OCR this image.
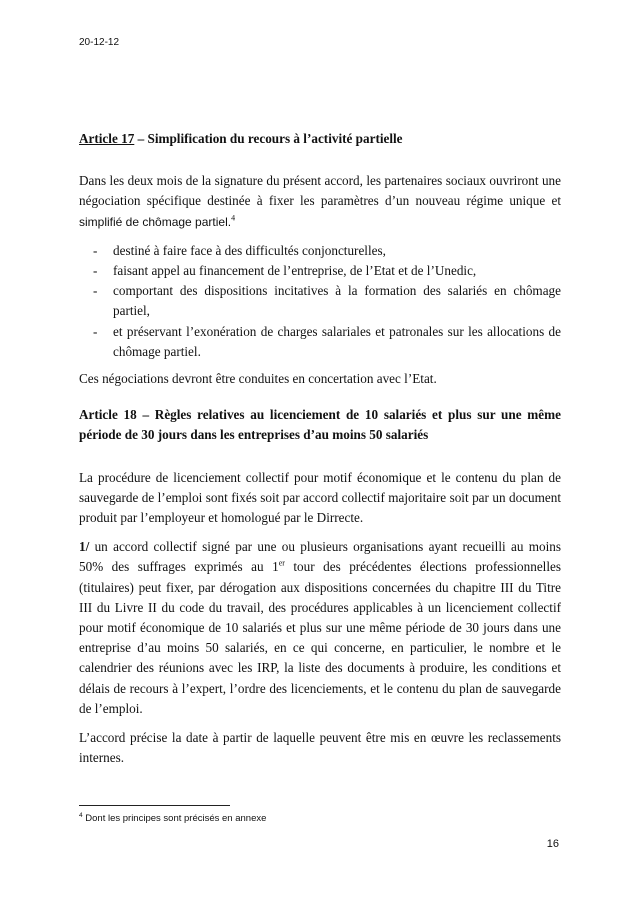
20-12-12
Article 17 – Simplification du recours à l’activité partielle

Dans les deux mois de la signature du présent accord, les partenaires sociaux ouvriront une négociation spécifique destinée à fixer les paramètres d’un nouveau régime unique et simplifié de chômage partiel.$^4$

- destiné à faire face à des difficultés conjoncturelles,
- faisant appel au financement de l’entreprise, de l’Etat et de l’Unedic,
- comportant des dispositions incitatives à la formation des salariés en chômage partiel,
- et préservant l’exonération de charges salariales et patronales sur les allocations de chômage partiel.

Ces négociations devront être conduites en concertation avec l’Etat.

Article 18 – Règles relatives au licenciement de 10 salariés et plus sur une même période de 30 jours dans les entreprises d’au moins 50 salariés

La procédure de licenciement collectif pour motif économique et le contenu du plan de sauvegarde de l’emploi sont fixés soit par accord collectif majoritaire soit par un document produit par l’employeur et homologué par le Dirrecte.

1/ un accord collectif signé par une ou plusieurs organisations ayant recueilli au moins 50% des suffrages exprimés au 1er tour des précédentes élections professionnelles (titulaires) peut fixer, par dérogation aux dispositions concernées du chapitre III du Titre III du Livre II du code du travail, des procédures applicables à un licenciement collectif pour motif économique de 10 salariés et plus sur une même période de 30 jours dans une entreprise d’au moins 50 salariés, en ce qui concerne, en particulier, le nombre et le calendrier des réunions avec les IRP, la liste des documents à produire, les conditions et délais de recours à l’expert, l’ordre des licenciements, et le contenu du plan de sauvegarde de l’emploi.

L’accord précise la date à partir de laquelle peuvent être mis en œuvre les reclassements internes.

$^4$ Dont les principes sont précisés en annexe
16
